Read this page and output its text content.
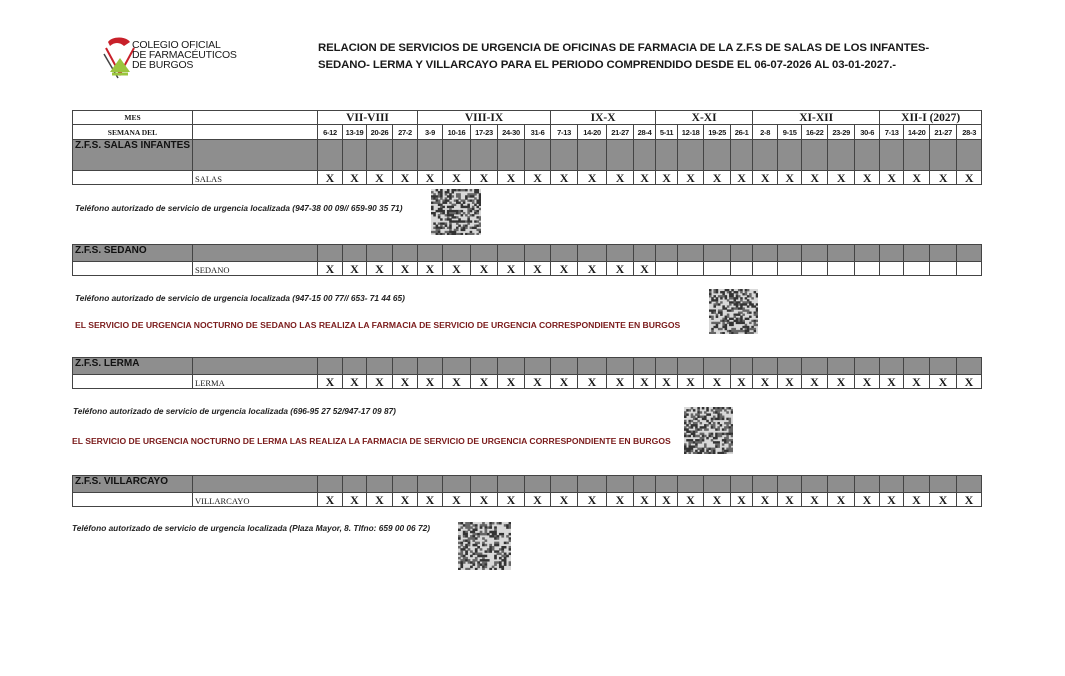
COLEGIO OFICIAL
DE FARMACÉUTICOS
DE BURGOS
RELACION DE SERVICIOS DE URGENCIA DE OFICINAS DE FARMACIA DE LA Z.F.S DE SALAS DE LOS INFANTES-
SEDANO- LERMA Y VILLARCAYO PARA EL PERIODO COMPRENDIDO DESDE EL 06-07-2026 AL 03-01-2027.-
MES		VII-VIII				VIII-IX					IX-X				X-XI				XI-XII					XII-I (2027)			
SEMANA DEL		6-12	13-19	20-26	27-2	3-9	10-16	17-23	24-30	31-6	7-13	14-20	21-27	28-4	5-11	12-18	19-25	26-1	2-8	9-15	16-22	23-29	30-6	7-13	14-20	21-27	28-3
Z.F.S. SALAS INFANTES																											
	SALAS	X	X	X	X	X	X	X	X	X	X	X	X	X	X	X	X	X	X	X	X	X	X	X	X	X	X
Z.F.S. SEDANO																											
	SEDANO	X	X	X	X	X	X	X	X	X	X	X	X	X													
Z.F.S. LERMA																											
	LERMA	X	X	X	X	X	X	X	X	X	X	X	X	X	X	X	X	X	X	X	X	X	X	X	X	X	X
Z.F.S. VILLARCAYO																											
	VILLARCAYO	X	X	X	X	X	X	X	X	X	X	X	X	X	X	X	X	X	X	X	X	X	X	X	X	X	X
Teléfono autorizado de servicio de urgencia localizada (947-38 00 09// 659-90 35 71)
Teléfono autorizado de servicio de urgencia localizada (947-15 00 77// 653- 71 44 65)
EL SERVICIO DE URGENCIA NOCTURNO DE SEDANO LAS REALIZA LA FARMACIA DE SERVICIO DE URGENCIA CORRESPONDIENTE EN BURGOS
Teléfono autorizado de servicio de urgencia localizada (696-95 27 52/947-17 09 87)
EL SERVICIO DE URGENCIA NOCTURNO DE LERMA LAS REALIZA LA FARMACIA DE SERVICIO DE URGENCIA CORRESPONDIENTE EN BURGOS
Teléfono autorizado de servicio de urgencia localizada (Plaza Mayor, 8. Tlfno: 659 00 06 72)
